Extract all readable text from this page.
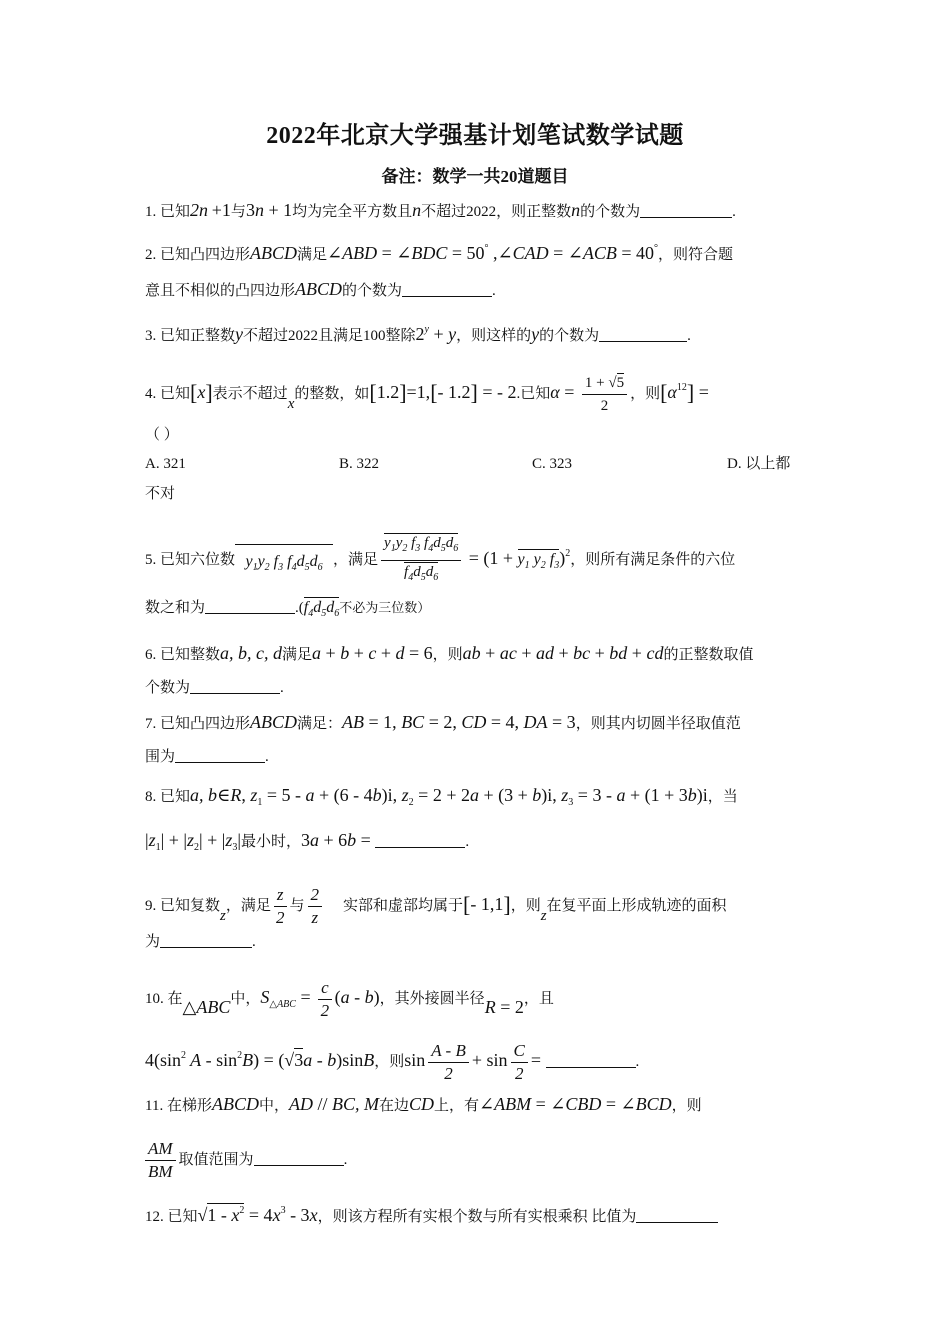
2022年北京大学强基计划笔试数学试题
备注：数学一共20道题目
1. 已知2n +1与3n + 1均为完全平方数且n不超过2022，则正整数n的个数为	.
2. 已知凸四边形ABCD满足∠ABD = ∠BDC = 50° ,∠CAD = ∠ACB = 40°，则符合题
意且不相似的凸四边形ABCD的个数为	.
3. 已知正整数y不超过2022且满足100整除$2^y + y$，则这样的y的个数为	.
4. 已知[x]表示不超过x的整数，如[1.2]=1,[- 1.2] = - 2.已知$\alpha = \frac{1 + √5}{2}$ ，则$[\alpha^{12}]$ =
（ ）
A. 321	B. 322	C. 323	D. 以上都
不对
5. 已知六位数 $y_1y_2$ $f_3$ $f_4d_5d_6$ ，满足 $\frac{y_1y_2 f_3 f_4d_5d_6}{f_4d_5d_6} = (1 + y_1$ $y_2$ $f_3)^2$，则所有满足条件的六位
数之和为	$.(f_4d_5d_6$不必为三位数）
6. 已知整数a, b, c, d满足a + b + c + d = 6，则ab + ac + ad + bc + bd + cd的正整数取值
个数为	.
7. 已知凸四边形ABCD满足：AB = 1, BC = 2, CD = 4, DA = 3，则其内切圆半径取值范
围为	.
8. 已知a, b∈R, $z_1 = 5 - a + (6 - 4b)i$, $z_2 = 2 + 2a + (3 + b)i$, $z_3 = 3 - a + (1 + 3b)i$，当
$|z_1| + |z_2| + |z_3|$最小时，3a + 6b =	.
9. 已知复数z，满足 $\frac{z}{2}$ 与 $\frac{2}{z}$ 实部和虚部均属于[- 1,1]，则z在复平面上形成轨迹的面积
为	.
10. 在△ABC中，$S_{\triangle ABC} = \frac{c}{2} (a - b)$，其外接圆半径R = 2，且
$4(\sin^2$ $A - \sin^2B) = (√3a - b)\sin B$，则$\sin \frac{A - B}{2} + \sin \frac{C}{2}$ =	.
11. 在梯形ABCD中，AD // BC, M在边CD上，有∠ABM = ∠CBD = ∠BCD，则
$\frac{AM}{BM}$ 取值范围为	.
12. 已知$√1 - x^2 = 4x^3 - 3x$，则该方程所有实根个数与所有实根乘积 比值为
